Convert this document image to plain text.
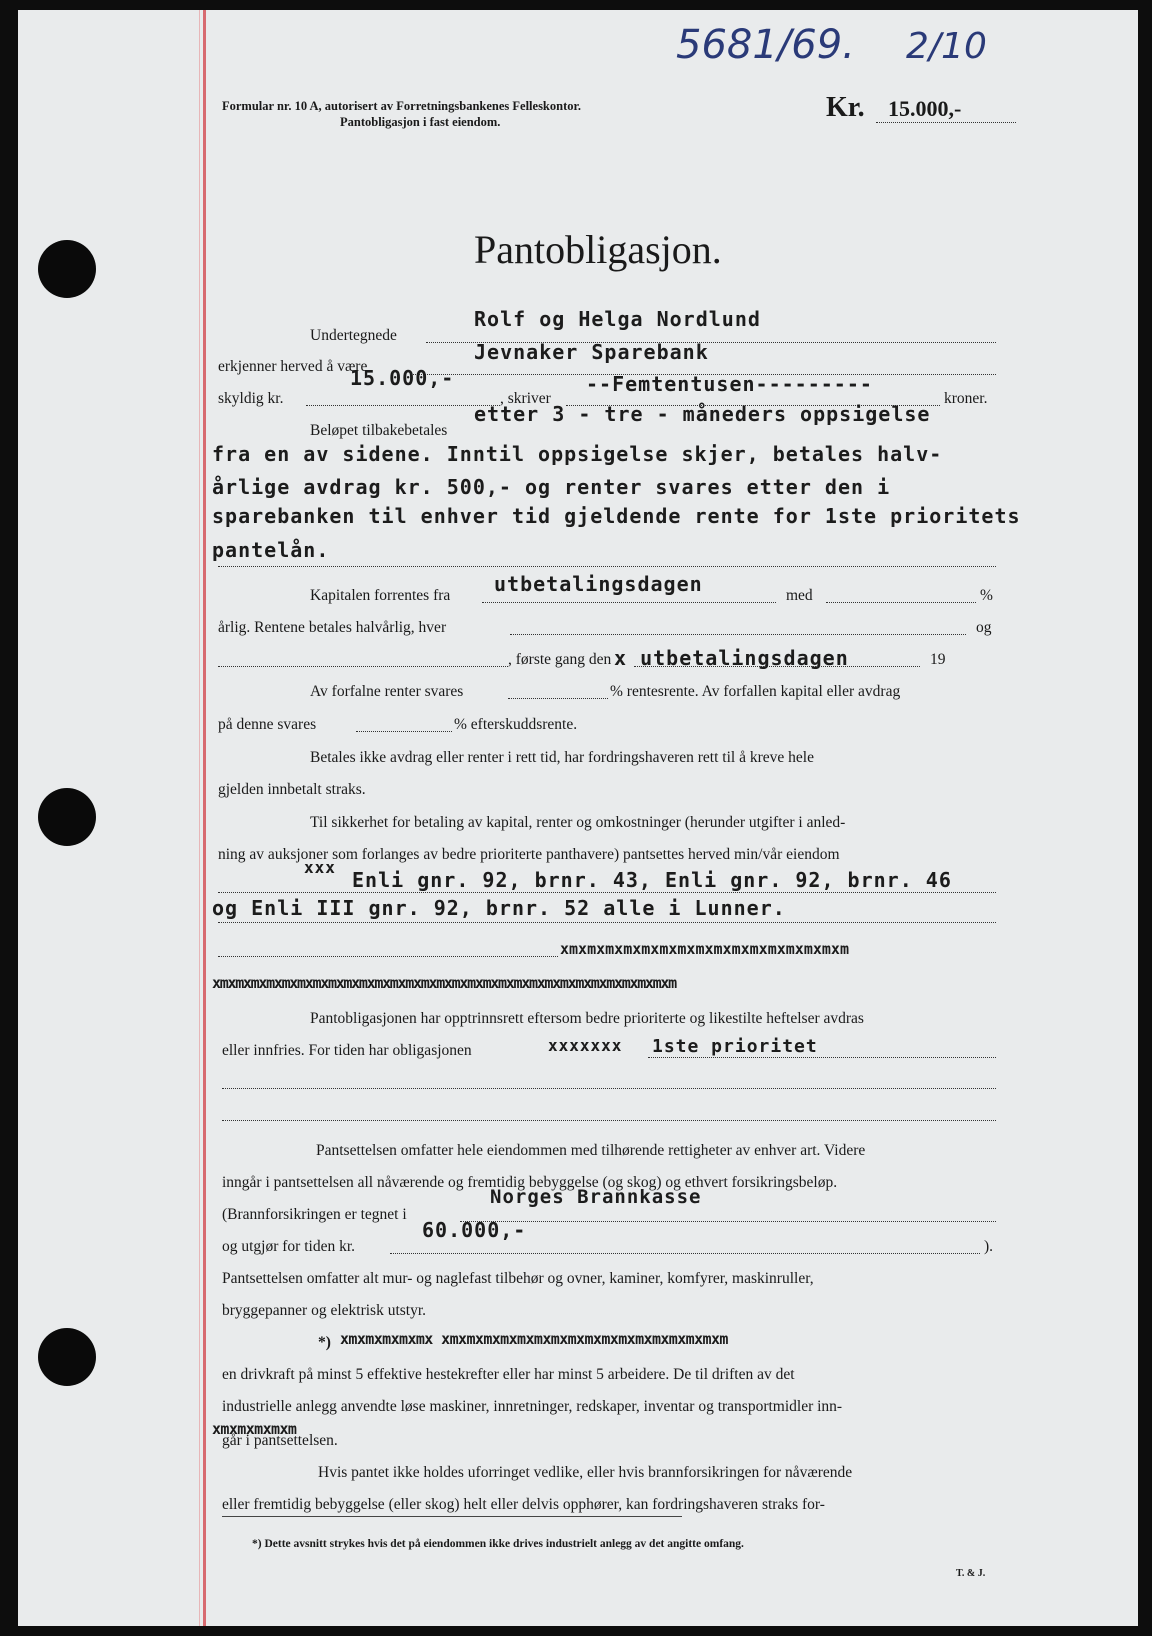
5681/69. 2/10
Formular nr. 10 A, autorisert av Forretningsbankenes Felleskontor.
Pantobligasjon i fast eiendom.	Kr. 15.000,-
Pantobligasjon.
Rolf og Helga Nordlund
Undertegnede
Jevnaker Sparebank
erkjenner herved å være
15.000,-	--Femtentusen---------
skyldig kr.	, skriver	kroner.
etter 3 - tre - måneders oppsigelse
Beløpet tilbakebetales
fra en av sidene. Inntil oppsigelse skjer, betales halv-
årlige avdrag kr. 500,- og renter svares etter den i
sparebanken til enhver tid gjeldende rente for 1ste prioritets
pantelån.
utbetalingsdagen
Kapitalen forrentes fra	med	%
årlig. Rentene betales halvårlig, hver	og
, første gang den x utbetalingsdagen	19
Av forfalne renter svares	% rentesrente. Av forfallen kapital eller avdrag
på denne svares	% efterskuddsrente.
Betales ikke avdrag eller renter i rett tid, har fordringshaveren rett til å kreve hele
gjelden innbetalt straks.
Til sikkerhet for betaling av kapital, renter og omkostninger (herunder utgifter i anled-
ning av auksjoner som forlanges av bedre prioriterte panthavere) pantsettes herved min/vår eiendom
xxx
Enli gnr. 92, brnr. 43, Enli gnr. 92, brnr. 46
og Enli III gnr. 92, brnr. 52 alle i Lunner.
xmxmxmxmxmxmxmxmxmxmxmxmxmxmxmxm
xmxmxmxmxmxmxmxmxmxmxmxmxmxmxmxmxmxmxmxmxmxmxmxmxmxmxmxmxmxm
Pantobligasjonen har opptrinnsrett eftersom bedre prioriterte og likestilte heftelser avdras
eller innfries. For tiden har obligasjonen	xxxxxxx 1ste prioritet
Pantsettelsen omfatter hele eiendommen med tilhørende rettigheter av enhver art. Videre
inngår i pantsettelsen all nåværende og fremtidig bebyggelse (og skog) og ethvert forsikringsbeløp.
Norges Brannkasse
(Brannforsikringen er tegnet i
60.000,-
og utgjør for tiden kr.	).
Pantsettelsen omfatter alt mur- og naglefast tilbehør og ovner, kaminer, komfyrer, maskinruller,
bryggepanner og elektrisk utstyr.
*) xmxmxmxmxmx xmxmxmxmxmxmxmxmxmxmxmxmxmxmxmxmxm
en drivkraft på minst 5 effektive hestekrefter eller har minst 5 arbeidere. De til driften av det
industrielle anlegg anvendte løse maskiner, innretninger, redskaper, inventar og transportmidler inn-
xmxmxmxmxm
går i pantsettelsen.
Hvis pantet ikke holdes uforringet vedlike, eller hvis brannforsikringen for nåværende
eller fremtidig bebyggelse (eller skog) helt eller delvis opphører, kan fordringshaveren straks for-
*) Dette avsnitt strykes hvis det på eiendommen ikke drives industrielt anlegg av det angitte omfang.
T. & J.
